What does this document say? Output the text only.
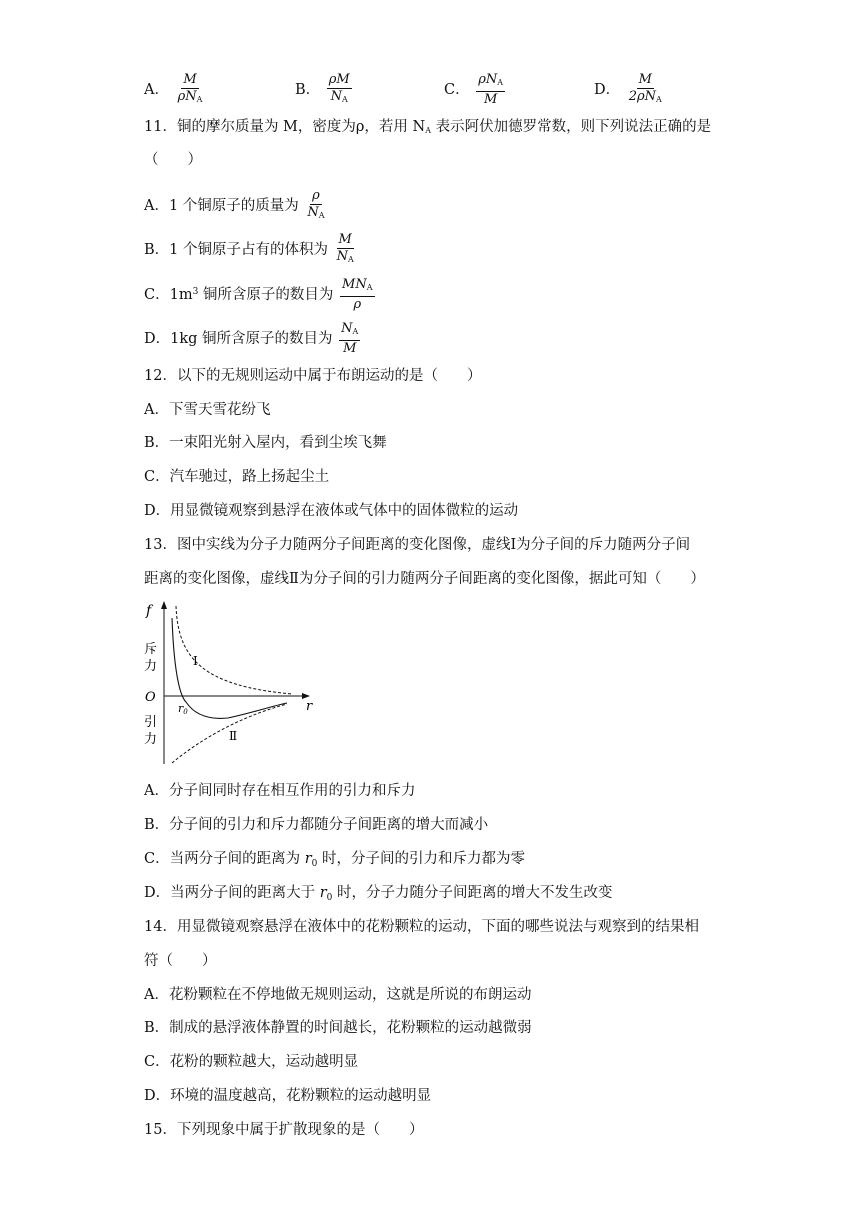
A． $\frac{M}{\rho N_A}$	B． $\frac{\rho M}{N_A}$	C． $\frac{\rho N_A}{M}$	D． $\frac{M}{2\rho N_A}$
11．铜的摩尔质量为 M，密度为ρ，若用 $N_A$ 表示阿伏加德罗常数，则下列说法正确的是
（　　）
A．1 个铜原子的质量为 $\frac{\rho}{N_A}$
B．1 个铜原子占有的体积为 $\frac{M}{N_A}$
C．$1m^3$ 铜所含原子的数目为 $\frac{MN_A}{\rho}$
D．1kg 铜所含原子的数目为 $\frac{N_A}{M}$
12．以下的无规则运动中属于布朗运动的是（　　）
A．下雪天雪花纷飞
B．一束阳光射入屋内，看到尘埃飞舞
C．汽车驰过，路上扬起尘土
D．用显微镜观察到悬浮在液体或气体中的固体微粒的运动
13．图中实线为分子力随两分子间距离的变化图像，虚线Ⅰ为分子间的斥力随两分子间
距离的变化图像，虚线Ⅱ为分子间的引力随两分子间距离的变化图像，据此可知（　　）
f
斥
力	Ⅰ
O
r0	r
引
力	Ⅱ
A．分子间同时存在相互作用的引力和斥力
B．分子间的引力和斥力都随分子间距离的增大而减小
C．当两分子间的距离为 $r_0$ 时，分子间的引力和斥力都为零
D．当两分子间的距离大于 $r_0$ 时，分子力随分子间距离的增大不发生改变
14．用显微镜观察悬浮在液体中的花粉颗粒的运动，下面的哪些说法与观察到的结果相
符（　　）
A．花粉颗粒在不停地做无规则运动，这就是所说的布朗运动
B．制成的悬浮液体静置的时间越长，花粉颗粒的运动越微弱
C．花粉的颗粒越大，运动越明显
D．环境的温度越高，花粉颗粒的运动越明显
15．下列现象中属于扩散现象的是（　　）
